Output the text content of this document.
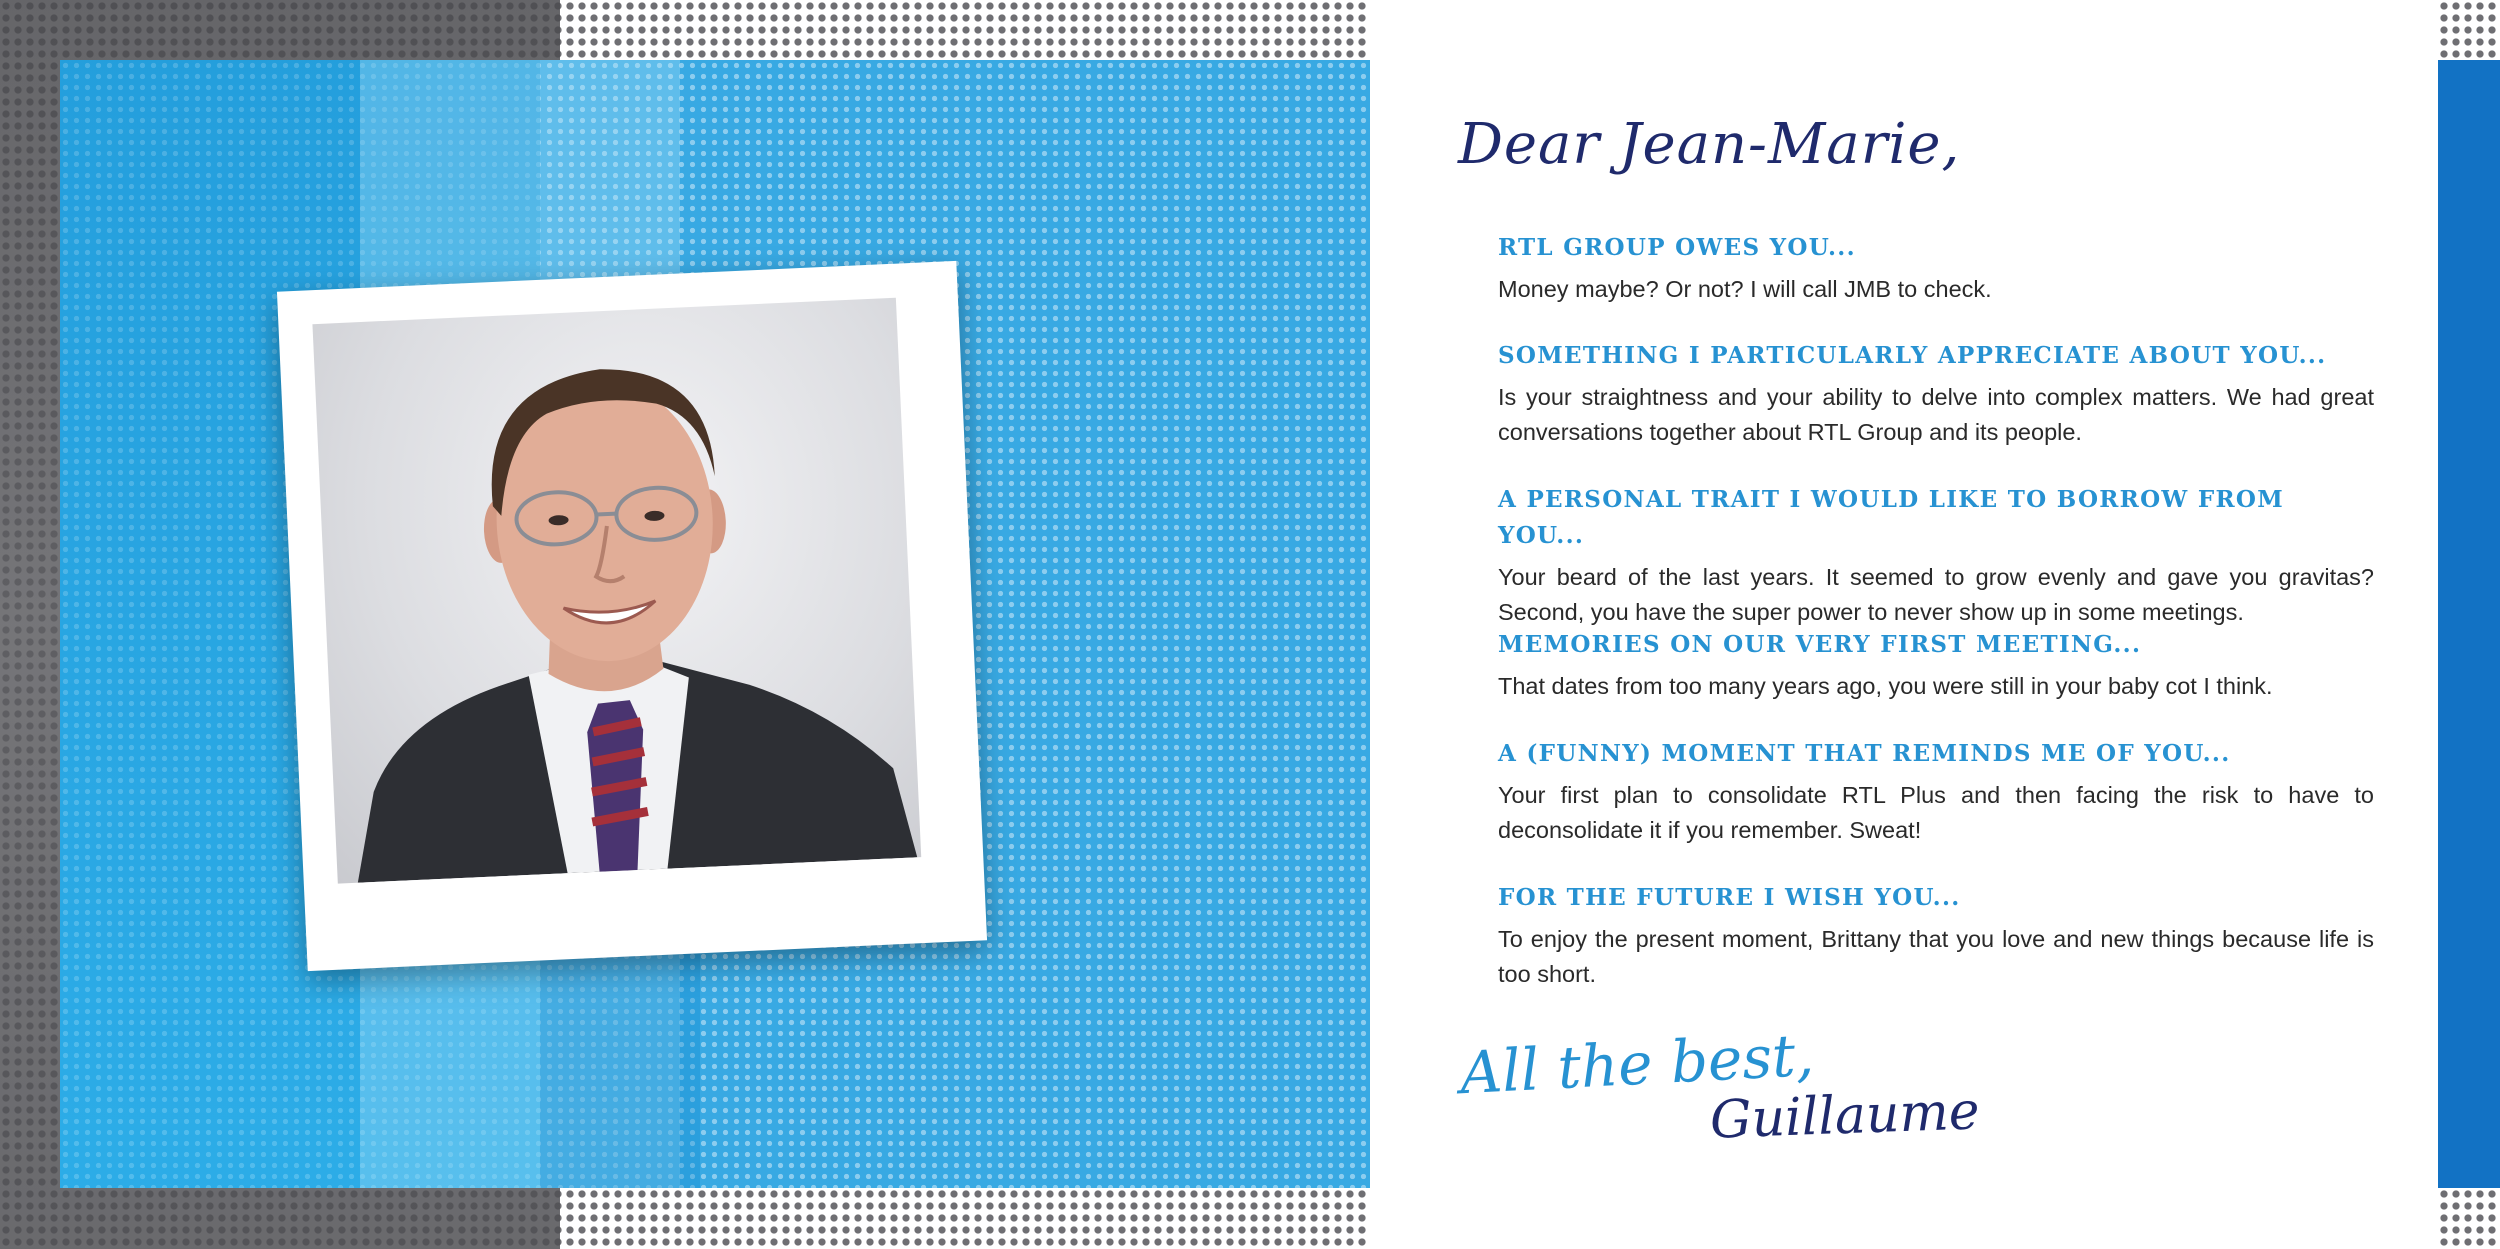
Dear Jean-Marie,

RTL GROUP OWES YOU...

Money maybe? Or not? I will call JMB to check.

SOMETHING I PARTICULARLY APPRECIATE ABOUT YOU...

Is your straightness and your ability to delve into complex matters. We had great conversations together about RTL Group and its people.

A PERSONAL TRAIT I WOULD LIKE TO BORROW FROM YOU...

Your beard of the last years. It seemed to grow evenly and gave you gravitas? Second, you have the super power to never show up in some meetings.

MEMORIES ON OUR VERY FIRST MEETING...

That dates from too many years ago, you were still in your baby cot I think.

A (FUNNY) MOMENT THAT REMINDS ME OF YOU...

Your first plan to consolidate RTL Plus and then facing the risk to have to deconsolidate it if you remember. Sweat!

FOR THE FUTURE I WISH YOU...

To enjoy the present moment, Brittany that you love and new things because life is too short.

All the best,
Guillaume
